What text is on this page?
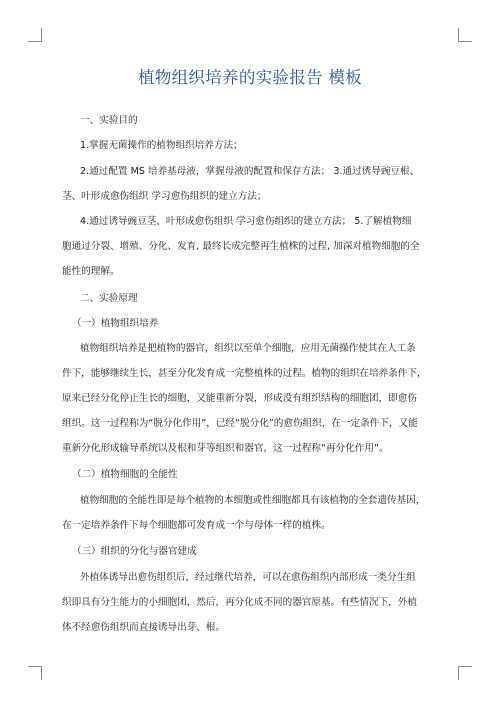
植物组织培养的实验报告 模板
一、实验目的
1.掌握无菌操作的植物组织培养方法；
2.通过配置 MS 培养基母液，掌握母液的配置和保存方法； 3.通过诱导豌豆根、
茎、叶形成愈伤组织 学习愈伤组织的建立方法；
4.通过诱导豌豆茎、叶形成愈伤组织 学习愈伤组织的建立方法； 5.了解植物细
胞通过分裂、增殖、分化、发育, 最终长成完整再生植株的过程, 加深对植物细胞的全
能性的理解。
二、实验原理
（一）植物组织培养
植物组织培养是把植物的器官，组织以至单个细胞，应用无菌操作使其在人工条
件下，能够继续生长，甚至分化发育成一完整植株的过程。植物的组织在培养条件下，
原来已经分化停止生长的细胞，又能重新分裂，形成没有组织结构的细胞团，即愈伤
组织。这一过程称为“脱分化作用”，已经“脱分化”的愈伤组织，在一定条件下，又能
重新分化形成输导系统以及根和芽等组织和器官，这一过程称“再分化作用”。
（二）植物细胞的全能性
植物细胞的全能性即是每个植物的本细胞或性细胞都具有该植物的全套遗传基因，
在一定培养条件下每个细胞都可发育成一个与母体一样的植株。
（三）组织的分化与器官建成
外植体诱导出愈伤组织后，经过继代培养，可以在愈伤组织内部形成一类分生组
织即具有分生能力的小细胞团，然后，再分化成不同的器官原基。有些情况下，外植
体不经愈伤组织而直接诱导出芽、根。
